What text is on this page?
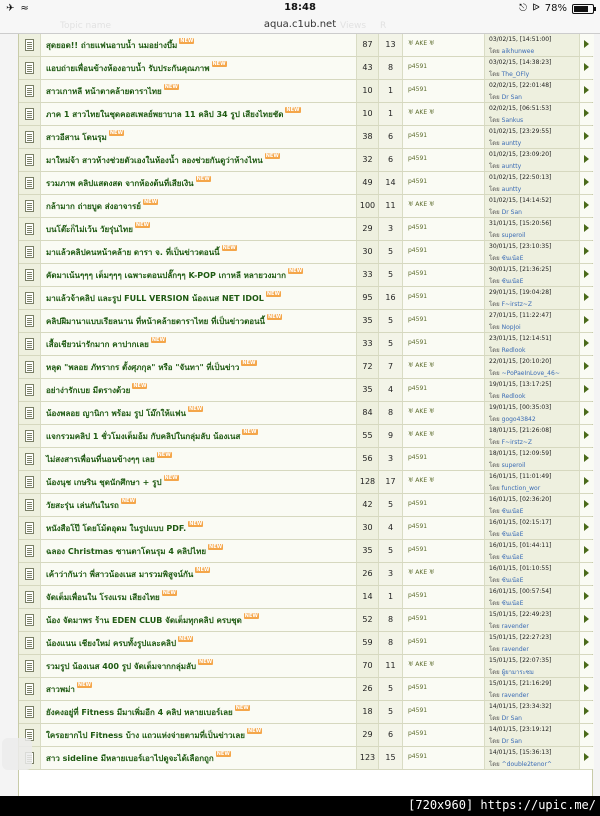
✈ ≈	18:48	⎋ ᐉ 78%
aqua.c1ub.net
Topic name	Views R
สุดยอด!! ถ่ายแฟนอาบน้ำ นมอย่างบึ้ม NEW	87	13	♅ AKE ♅
03/02/15, [14:51:00]
โดย aikhunwee
แอบถ่ายเพื่อนข้างห้องอาบน้ำ รับประกันคุณภาพ NEW	43	8	p4591
03/02/15, [14:38:23]
โดย The_OFly
สาวเกาหลี หน้าตาคล้ายดาราไทย NEW	10	1	p4591
02/02/15, [22:01:48]
โดย Dr San
ภาค 1 สาวไทยในชุดคอสเพลย์พยาบาล 11 คลิป 34 รูป เสียงไทยชัด NEW	10	1	♅ AKE ♅
02/02/15, [06:51:53]
โดย Sankus
สาวอีสาน โดนรุม NEW	38	6	p4591
01/02/15, [23:29:55]
โดย auntty
มาใหม่จ้า สาวห้างช่วยตัวเองในห้องน้ำ ลองช่วยกันดูว่าห้างไหน NEW	32	6	p4591
01/02/15, [23:09:20]
โดย auntty
รวมภาพ คลิปแสดงสด จากห้องต้นที่เสียเงิน NEW	49	14	p4591
01/02/15, [22:50:13]
โดย auntty
กล้ามาก ถ่ายบูด ส่งอาจารย์ NEW	100	11	♅ AKE ♅
01/02/15, [14:14:52]
โดย Dr San
บนโต๊ะก็ไม่เว้น วัยรุ่นไทย NEW	29	3	p4591
31/01/15, [15:20:56]
โดย superoil
มาแล้วคลิปคนหน้าคล้าย ดารา จ. ที่เป็นข่าวตอนนี้ NEW	30	5	p4591
30/01/15, [23:10:35]
โดย ซ้นเน้อE
คัดมาเน้นๆๆๆ เต็มๆๆๆ เฉพาะตอนปลั๊กๆๆ K-POP เกาหลี หลายวงมาก NEW	33	5	p4591
30/01/15, [21:36:25]
โดย ซ้นเน้อE
มาแล้วจ้าคลิป และรูป FULL VERSION น้องเนส NET IDOL NEW	95	16	p4591
29/01/15, [19:04:28]
โดย F~irstz~Z
คลิปฝีมานาแบบเรียลนาน ที่หน้าคล้ายดาราไทย ที่เป็นข่าวตอนนี้ NEW	35	5	p4591
27/01/15, [11:22:47]
โดย NopJoi
เสื้อเชียวน่ารักมาก คาปากเลย NEW	33	5	p4591
23/01/15, [12:14:51]
โดย Redlook
หลุด "พลอย ภัทรากร ตั้งศุภกุล" หรือ "จันทา" ที่เป็นข่าว NEW	72	7	♅ AKE ♅
22/01/15, [20:10:20]
โดย ~PoPaeInLove_46~
อย่าง่ารักเบย มีตรางด้วย NEW	35	4	p4591
19/01/15, [13:17:25]
โดย Redlook
น้องพลอย ญานิกา พร้อม รูป โม๊กให้แฟน NEW	84	8	♅ AKE ♅
19/01/15, [00:35:03]
โดย gogo43842
แจกรวมคลิป 1 ชั่วโมงเต็มอ้ม กับคลิปในกลุ่มลับ น้องเนส NEW	55	9	♅ AKE ♅
18/01/15, [21:26:08]
โดย F~irstz~Z
ไม่สงสารเพื่อนที่นอนข้างๆๆ เลย NEW	56	3	p4591
18/01/15, [12:09:59]
โดย superoil
น้องนุช เกษริน ชุดนักศึกษา + รูป NEW	128	17	♅ AKE ♅
16/01/15, [11:01:49]
โดย function_wor
วัยสะรุ่น เล่นกันในรถ NEW	42	5	p4591
16/01/15, [02:36:20]
โดย ซ้นเน้อE
หนังสือโป๊ โดยโม้ตอุดม ในรูปแบบ PDF. NEW	30	4	p4591
16/01/15, [02:15:17]
โดย ซ้นเน้อE
ฉลอง Christmas ซานตาโดนรุม 4 คลิปไทย NEW	35	5	p4591
16/01/15, [01:44:11]
โดย ซ้นเน้อE
เค้าว่ากันว่า พี่สาวน้องเนส มารวมพิสูจน์กัน NEW	26	3	♅ AKE ♅
16/01/15, [01:10:55]
โดย ซ้นเน้อE
จัดเต็มเพื่อนใน โรงแรม เสียงไทย NEW	14	1	p4591
16/01/15, [00:57:54]
โดย ซ้นเน้อE
น้อง จัดมาพร ร้าน EDEN CLUB จัดเต็มทุกคลิป ครบชุด NEW	52	8	p4591
15/01/15, [22:49:23]
โดย ravender
น้องแนน เชียงใหม่ ครบทั้งรูปและคลิป NEW	59	8	p4591
15/01/15, [22:27:23]
โดย ravender
รวมรูป น้องเนส 400 รูป จัดเต็มจากกลุ่มลับ NEW	70	11	♅ AKE ♅
15/01/15, [22:07:35]
โดย ผู้ยามาระซม
สาวพม่า NEW	26	5	p4591
15/01/15, [21:16:29]
โดย ravender
ยังคงอยู่ที่ Fitness มีมาเพิ่มอีก 4 คลิป หลายเบอร์เลย NEW	18	5	p4591
14/01/15, [23:34:32]
โดย Dr San
ใครอยากไป Fitness บ้าง แถวแห่งจ่ายตามที่เป็นข่าวเลย NEW	29	6	p4591
14/01/15, [23:19:12]
โดย Dr San
สาว sideline มีหลายเบอร์เอาไปดูจะได้เลือกถูก NEW	123	15	p4591
14/01/15, [15:36:13]
โดย ^double2tenor^
[720x960] https://upic.me/
